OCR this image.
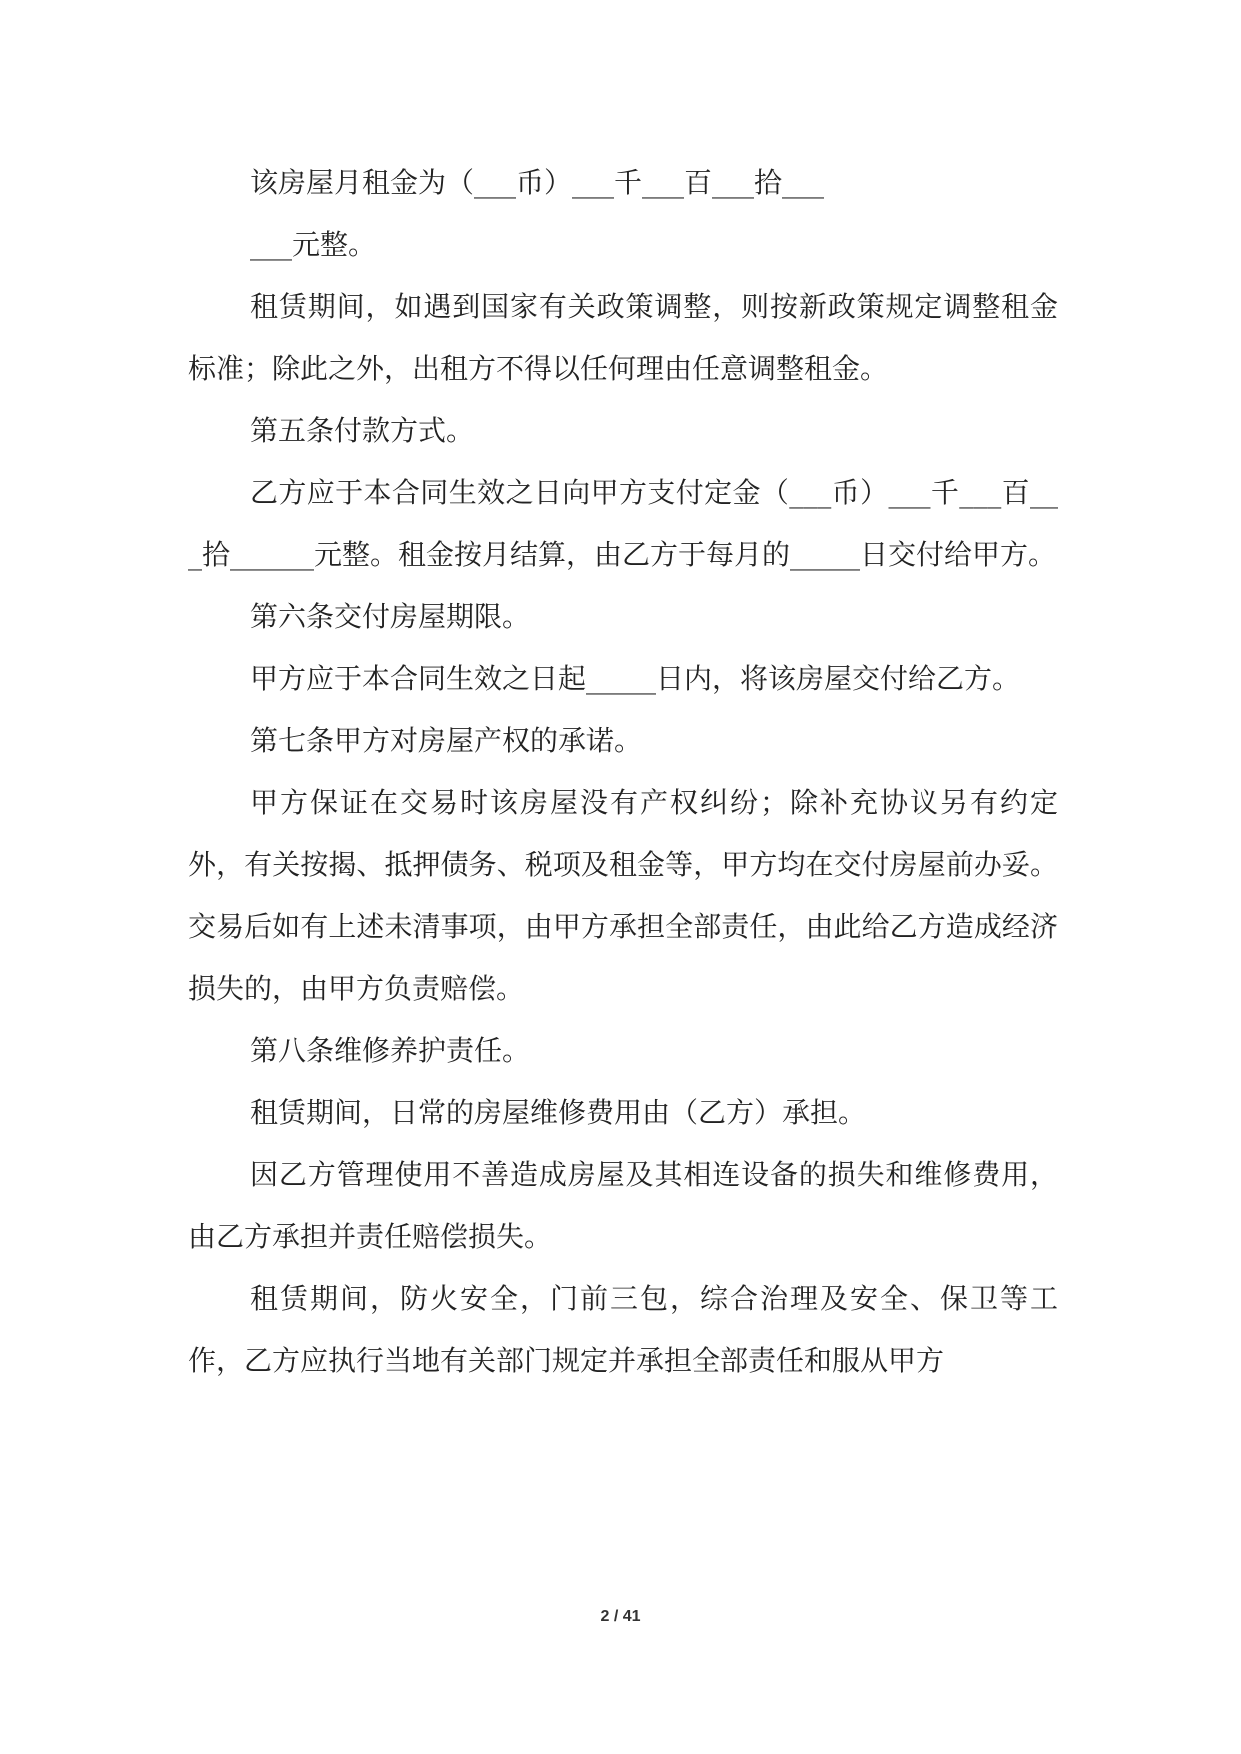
该房屋月租金为（___币）___千___百___拾___

___元整。

租赁期间，如遇到国家有关政策调整，则按新政策规定调整租金标准；除此之外，出租方不得以任何理由任意调整租金。

第五条付款方式。

乙方应于本合同生效之日向甲方支付定金（___币）___千___百___拾______元整。租金按月结算，由乙方于每月的_____日交付给甲方。

第六条交付房屋期限。

甲方应于本合同生效之日起_____日内，将该房屋交付给乙方。

第七条甲方对房屋产权的承诺。

甲方保证在交易时该房屋没有产权纠纷；除补充协议另有约定外，有关按揭、抵押债务、税项及租金等，甲方均在交付房屋前办妥。交易后如有上述未清事项，由甲方承担全部责任，由此给乙方造成经济损失的，由甲方负责赔偿。

第八条维修养护责任。

租赁期间，日常的房屋维修费用由（乙方）承担。

因乙方管理使用不善造成房屋及其相连设备的损失和维修费用，由乙方承担并责任赔偿损失。

租赁期间，防火安全，门前三包，综合治理及安全、保卫等工作，乙方应执行当地有关部门规定并承担全部责任和服从甲方

2 / 41
